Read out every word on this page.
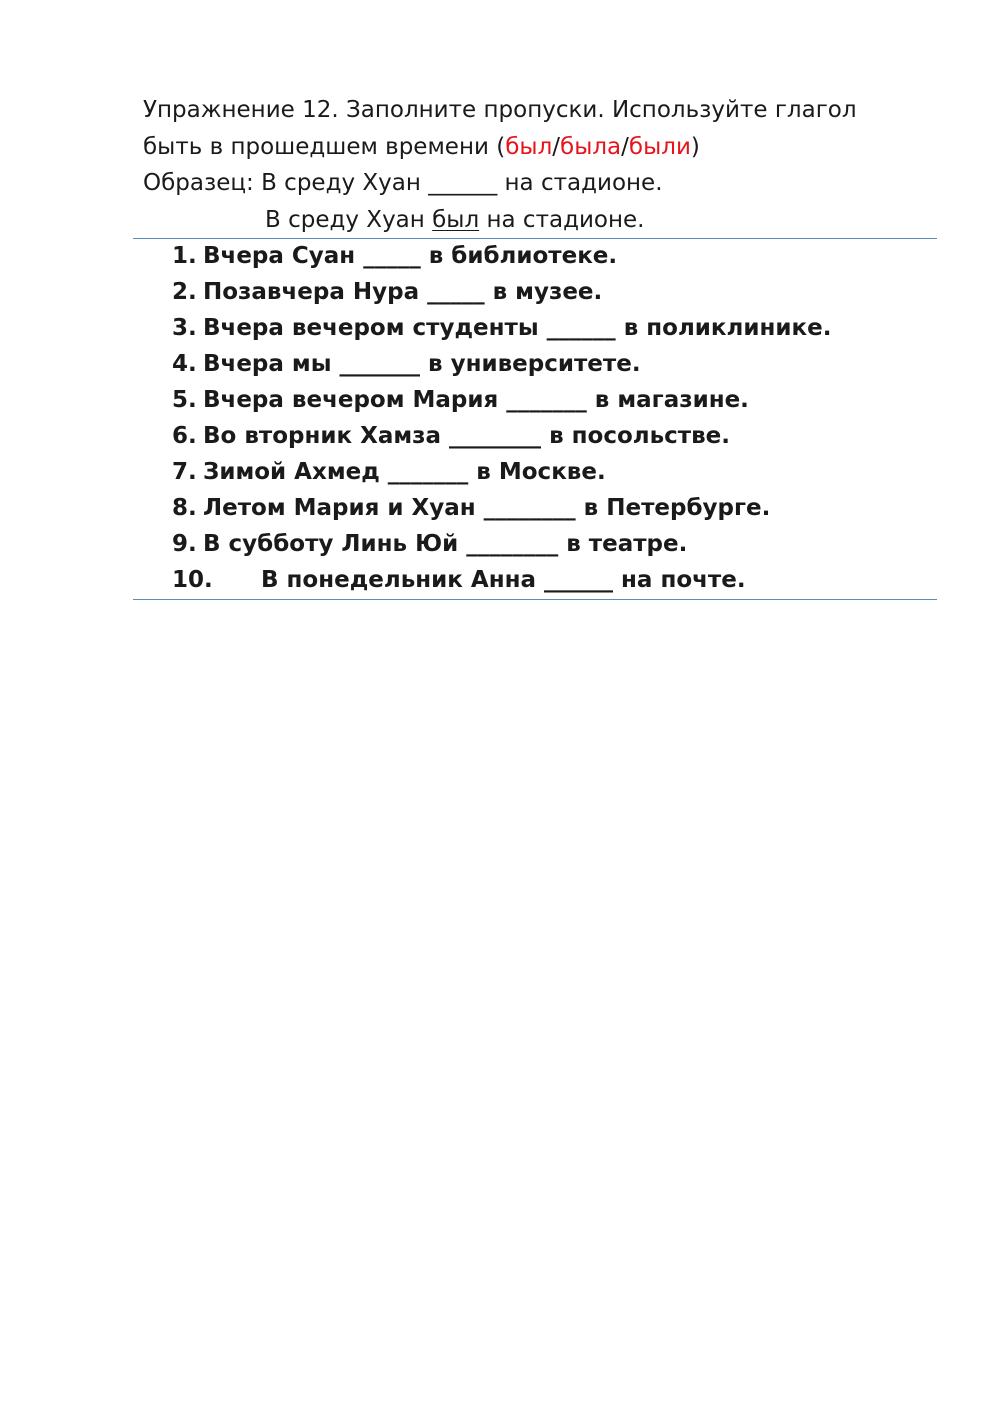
Упражнение 12. Заполните пропуски. Используйте глагол
быть в прошедшем времени (был/была/были)
Образец: В среду Хуан ______ на стадионе.
В среду Хуан был на стадионе.
1. Вчера Суан _____ в библиотеке.
2. Позавчера Нура _____ в музее.
3. Вчера вечером студенты ______ в поликлинике.
4. Вчера мы _______ в университете.
5. Вчера вечером Мария _______ в магазине.
6. Во вторник Хамза ________ в посольстве.
7. Зимой Ахмед _______ в Москве.
8. Летом Мария и Хуан ________ в Петербурге.
9. В субботу Линь Юй ________ в театре.
10.	В понедельник Анна ______ на почте.
